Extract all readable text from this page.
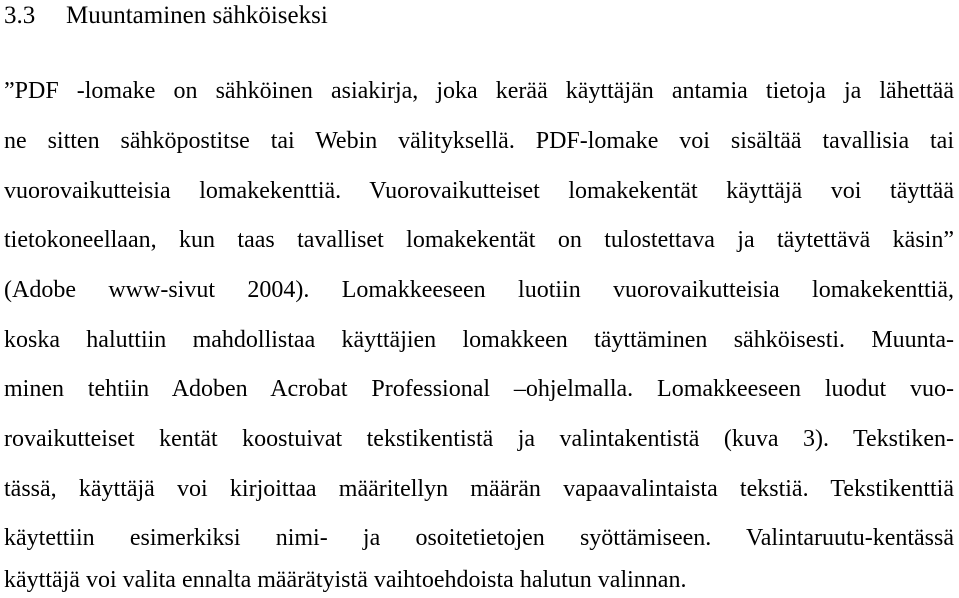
3.3 Muuntaminen sähköiseksi
”PDF -lomake on sähköinen asiakirja, joka kerää käyttäjän antamia tietoja ja lähettää
ne sitten sähköpostitse tai Webin välityksellä. PDF-lomake voi sisältää tavallisia tai
vuorovaikutteisia lomakekenttiä. Vuorovaikutteiset lomakekentät käyttäjä voi täyttää
tietokoneellaan, kun taas tavalliset lomakekentät on tulostettava ja täytettävä käsin”
(Adobe www-sivut 2004). Lomakkeeseen luotiin vuorovaikutteisia lomakekenttiä,
koska haluttiin mahdollistaa käyttäjien lomakkeen täyttäminen sähköisesti. Muunta-
minen tehtiin Adoben Acrobat Professional –ohjelmalla. Lomakkeeseen luodut vuo-
rovaikutteiset kentät koostuivat tekstikentistä ja valintakentistä (kuva 3). Tekstiken-
tässä, käyttäjä voi kirjoittaa määritellyn määrän vapaavalintaista tekstiä. Tekstikenttiä
käytettiin esimerkiksi nimi- ja osoitetietojen syöttämiseen. Valintaruutu-kentässä
käyttäjä voi valita ennalta määrätyistä vaihtoehdoista halutun valinnan.
